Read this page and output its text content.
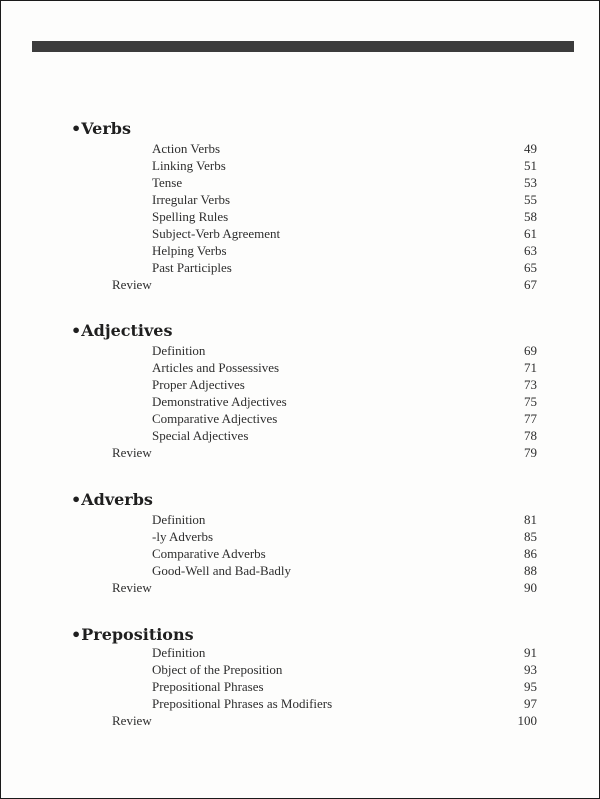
•Verbs
Action Verbs	49
Linking Verbs	51
Tense	53
Irregular Verbs	55
Spelling Rules	58
Subject-Verb Agreement	61
Helping Verbs	63
Past Participles	65
Review	67
•Adjectives
Definition	69
Articles and Possessives	71
Proper Adjectives	73
Demonstrative Adjectives	75
Comparative Adjectives	77
Special Adjectives	78
Review	79
•Adverbs
Definition	81
-ly Adverbs	85
Comparative Adverbs	86
Good-Well and Bad-Badly	88
Review	90
•Prepositions
Definition	91
Object of the Preposition	93
Prepositional Phrases	95
Prepositional Phrases as Modifiers	97
Review	100
